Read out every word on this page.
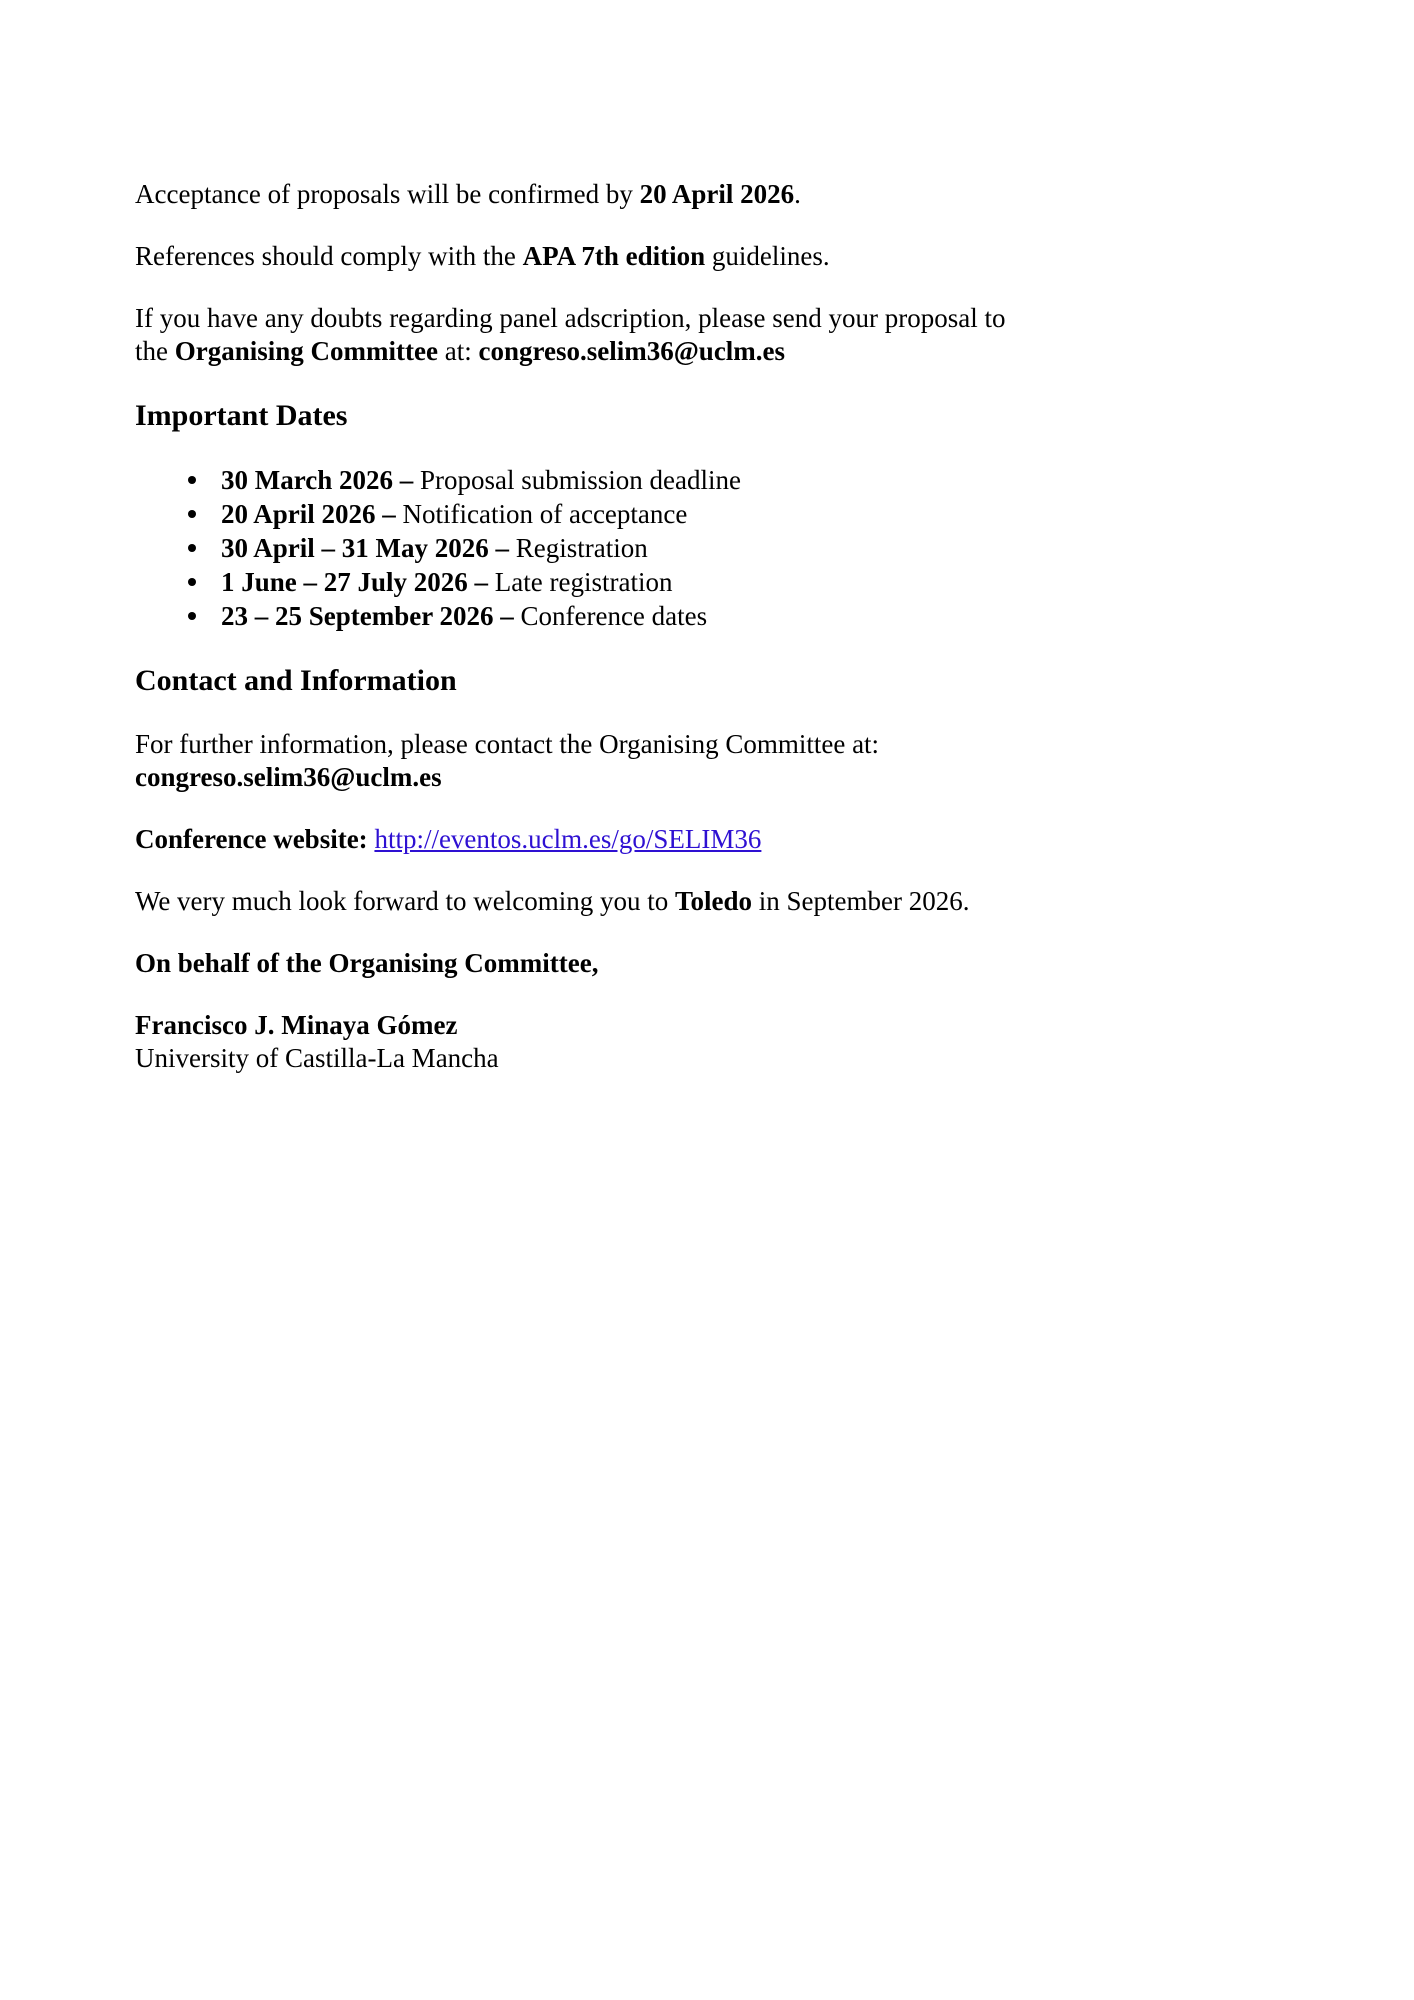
Acceptance of proposals will be confirmed by 20 April 2026.

References should comply with the APA 7th edition guidelines.

If you have any doubts regarding panel adscription, please send your proposal to
the Organising Committee at: congreso.selim36@uclm.es

Important Dates
30 March 2026 – Proposal submission deadline
20 April 2026 – Notification of acceptance
30 April – 31 May 2026 – Registration
1 June – 27 July 2026 – Late registration
23 – 25 September 2026 – Conference dates
Contact and Information

For further information, please contact the Organising Committee at:
congreso.selim36@uclm.es

Conference website: http://eventos.uclm.es/go/SELIM36

We very much look forward to welcoming you to Toledo in September 2026.

On behalf of the Organising Committee,

Francisco J. Minaya Gómez
University of Castilla-La Mancha
